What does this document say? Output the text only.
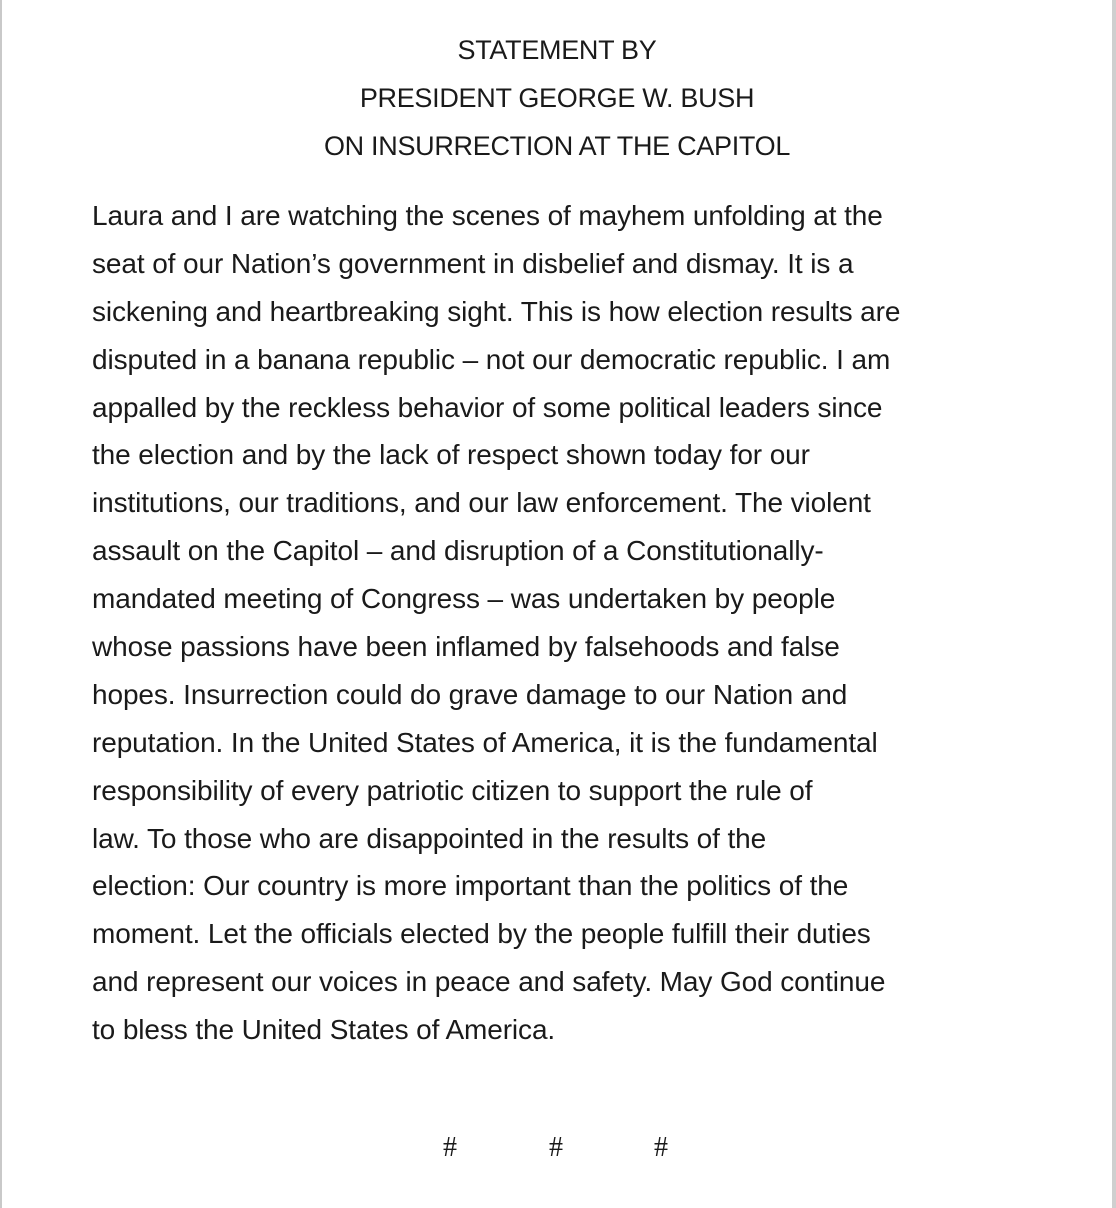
STATEMENT BY
PRESIDENT GEORGE W. BUSH
ON INSURRECTION AT THE CAPITOL
Laura and I are watching the scenes of mayhem unfolding at the
seat of our Nation’s government in disbelief and dismay. It is a
sickening and heartbreaking sight. This is how election results are
disputed in a banana republic – not our democratic republic. I am
appalled by the reckless behavior of some political leaders since
the election and by the lack of respect shown today for our
institutions, our traditions, and our law enforcement. The violent
assault on the Capitol – and disruption of a Constitutionally-
mandated meeting of Congress – was undertaken by people
whose passions have been inflamed by falsehoods and false
hopes. Insurrection could do grave damage to our Nation and
reputation. In the United States of America, it is the fundamental
responsibility of every patriotic citizen to support the rule of
law. To those who are disappointed in the results of the
election: Our country is more important than the politics of the
moment. Let the officials elected by the people fulfill their duties
and represent our voices in peace and safety. May God continue
to bless the United States of America.
#	#	#
